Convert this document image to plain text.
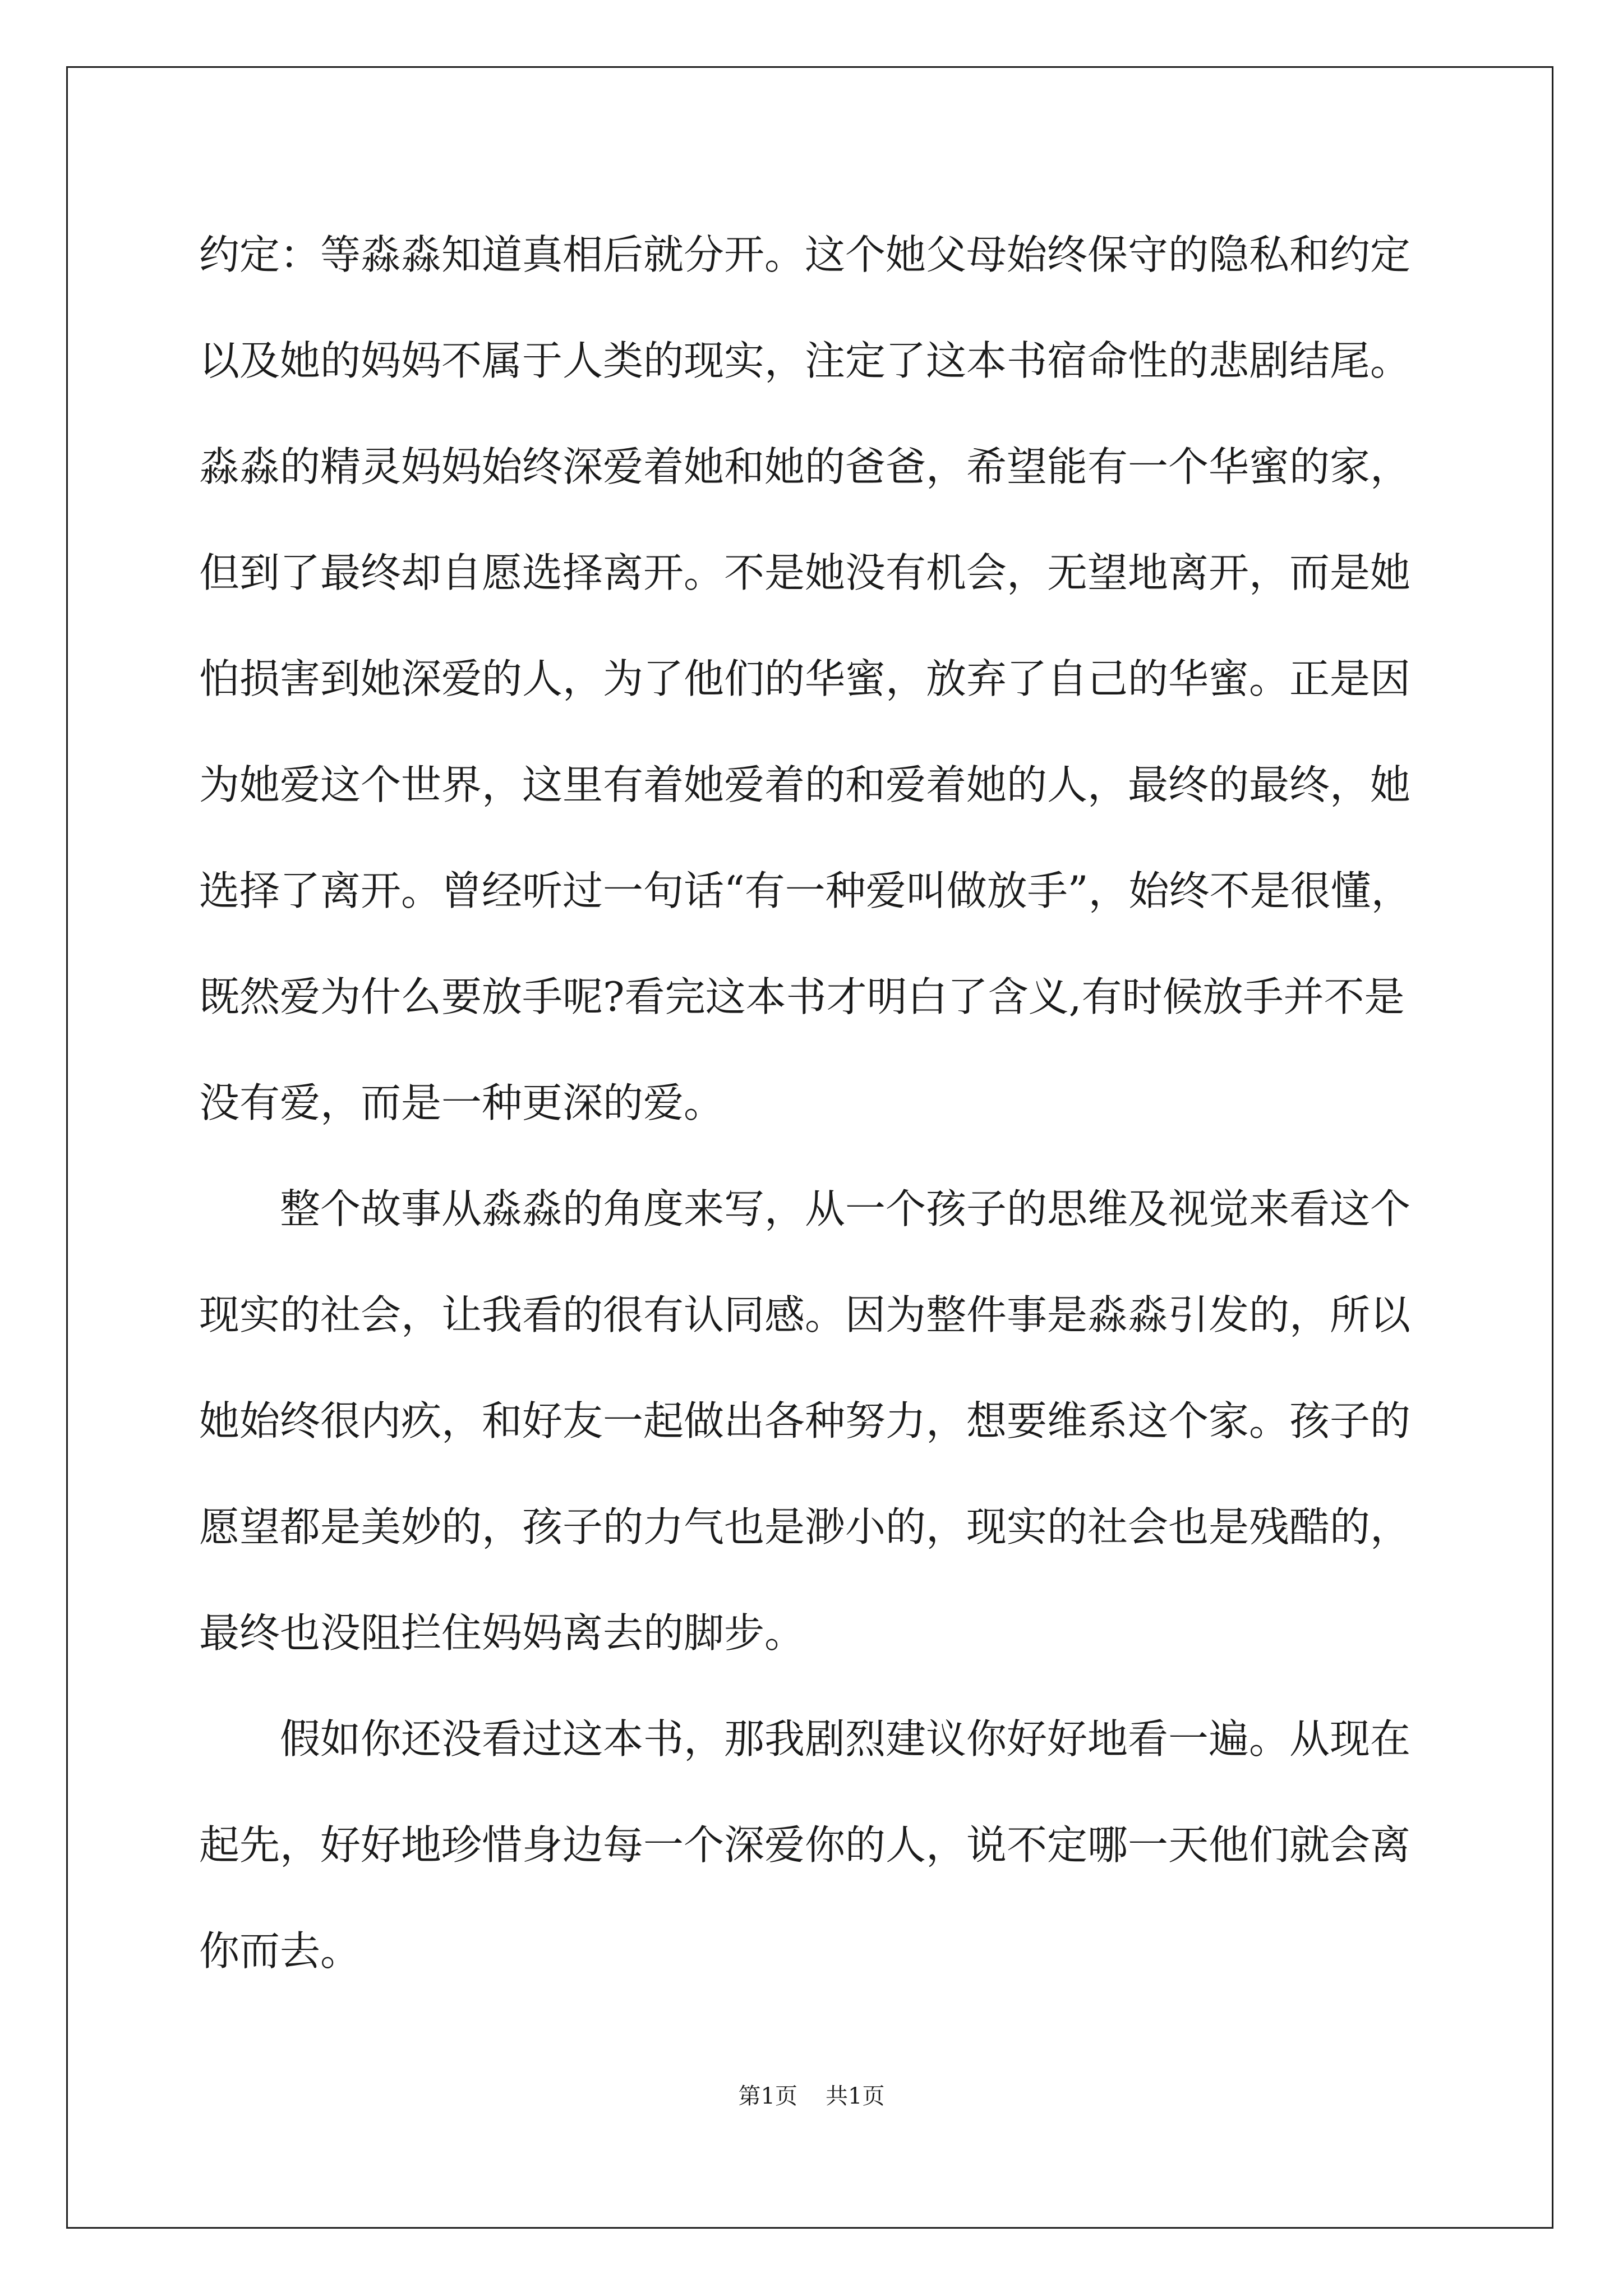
约定：等淼淼知道真相后就分开。这个她父母始终保守的隐私和约定
以及她的妈妈不属于人类的现实，注定了这本书宿命性的悲剧结尾。
淼淼的精灵妈妈始终深爱着她和她的爸爸，希望能有一个华蜜的家，
但到了最终却自愿选择离开。不是她没有机会，无望地离开，而是她
怕损害到她深爱的人，为了他们的华蜜，放弃了自己的华蜜。正是因
为她爱这个世界，这里有着她爱着的和爱着她的人，最终的最终，她
选择了离开。曾经听过一句话“有一种爱叫做放手”，始终不是很懂，
既然爱为什么要放手呢?看完这本书才明白了含义,有时候放手并不是
没有爱，而是一种更深的爱。
整个故事从淼淼的角度来写，从一个孩子的思维及视觉来看这个
现实的社会，让我看的很有认同感。因为整件事是淼淼引发的，所以
她始终很内疚，和好友一起做出各种努力，想要维系这个家。孩子的
愿望都是美妙的，孩子的力气也是渺小的，现实的社会也是残酷的，
最终也没阻拦住妈妈离去的脚步。
假如你还没看过这本书，那我剧烈建议你好好地看一遍。从现在
起先，好好地珍惜身边每一个深爱你的人，说不定哪一天他们就会离
你而去。
第1页 共1页
